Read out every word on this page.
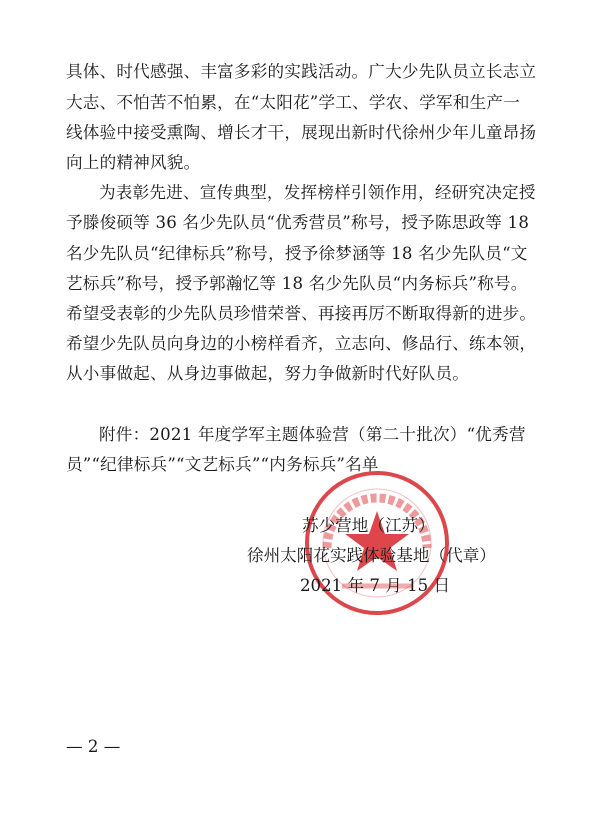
具体、时代感强、丰富多彩的实践活动。广大少先队员立长志立
大志、不怕苦不怕累，在“太阳花”学工、学农、学军和生产一
线体验中接受熏陶、增长才干，展现出新时代徐州少年儿童昂扬
向上的精神风貌。
为表彰先进、宣传典型，发挥榜样引领作用，经研究决定授
予滕俊硕等 36 名少先队员“优秀营员”称号，授予陈思政等 18
名少先队员“纪律标兵”称号，授予徐梦涵等 18 名少先队员“文
艺标兵”称号，授予郭瀚忆等 18 名少先队员“内务标兵”称号。
希望受表彰的少先队员珍惜荣誉、再接再厉不断取得新的进步。
希望少先队员向身边的小榜样看齐，立志向、修品行、练本领，
从小事做起、从身边事做起，努力争做新时代好队员。
附件：2021 年度学军主题体验营（第二十批次）“优秀营
员”“纪律标兵”“文艺标兵”“内务标兵”名单
苏少营地（江苏）
徐州太阳花实践体验基地（代章）
2021 年 7 月 15 日
— 2 —
